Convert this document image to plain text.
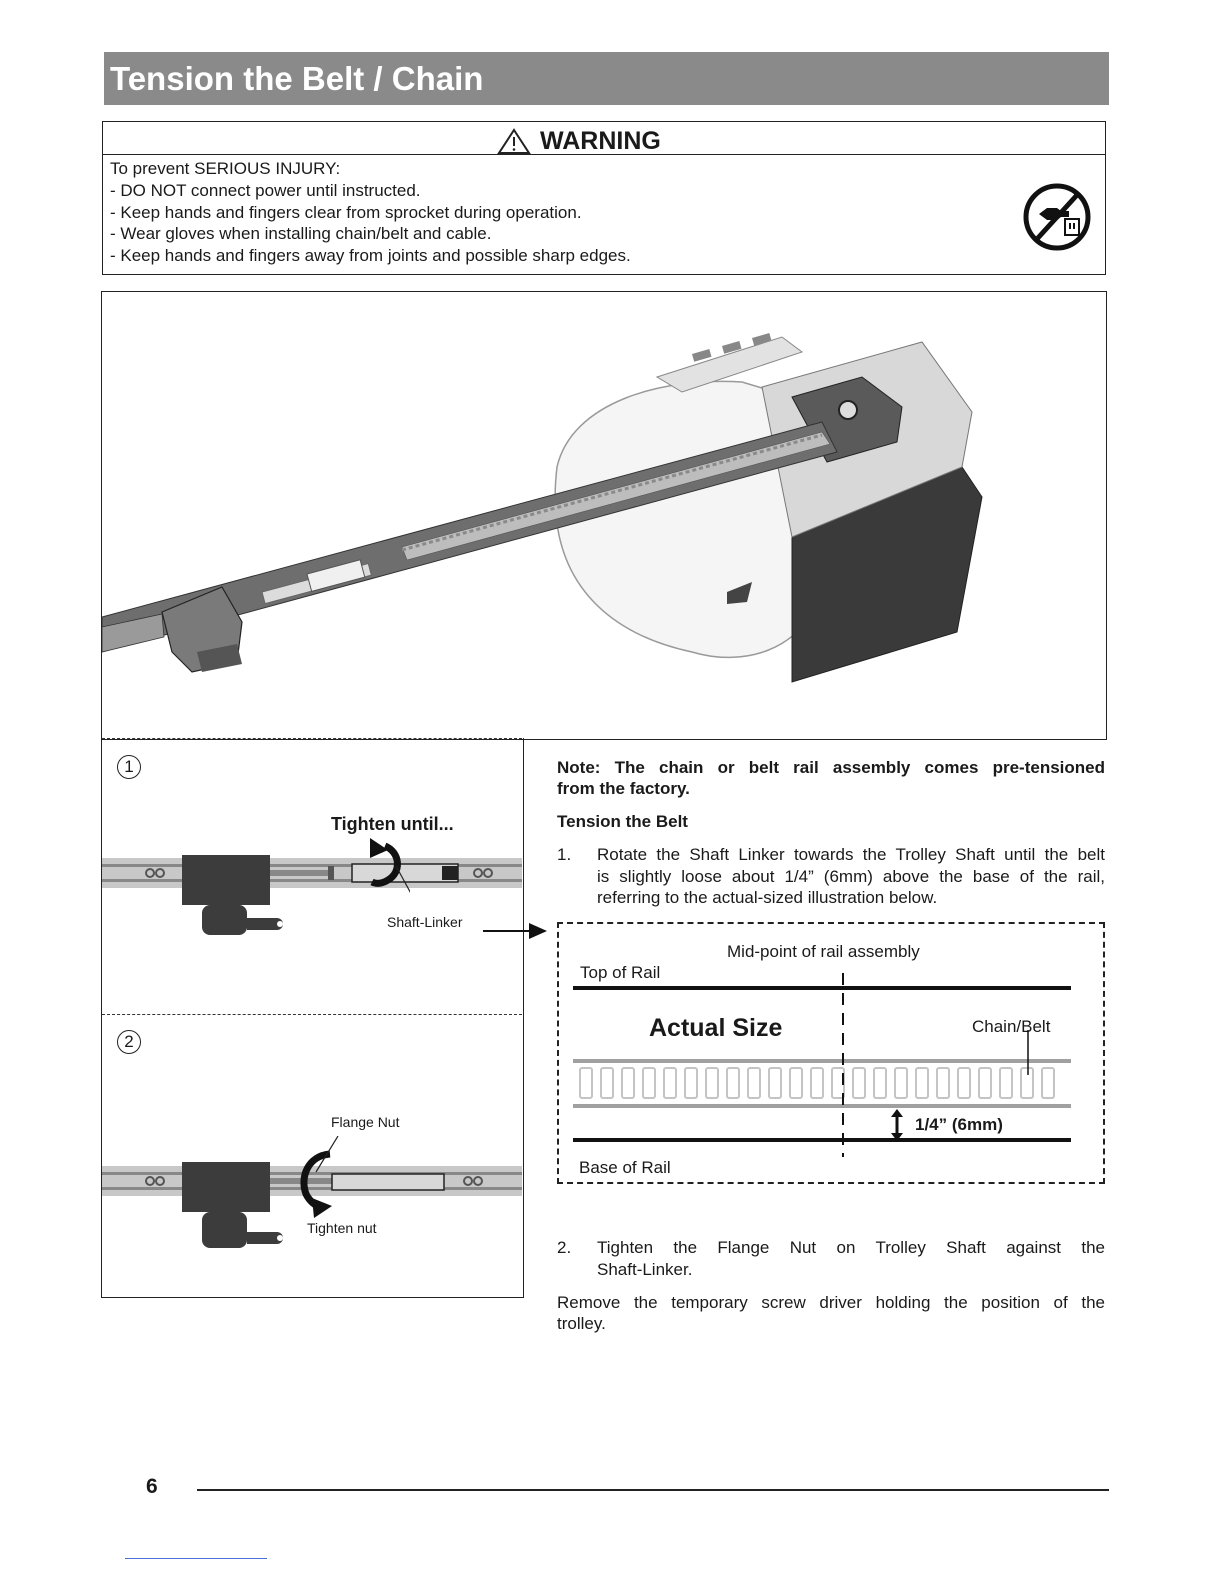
Tension the Belt / Chain
WARNING
To prevent SERIOUS INJURY:
- DO NOT connect power until instructed.
- Keep hands and fingers clear from sprocket during operation.
- Wear gloves when installing chain/belt and cable.
- Keep hands and fingers away from joints and possible sharp edges.
1
Tighten until...
Shaft-Linker
2
Flange Nut
Tighten nut
Note: The chain or belt rail assembly comes pre-tensioned
from the factory.
Tension the Belt
1. Rotate the Shaft Linker towards the Trolley Shaft until the belt
is slightly loose about 1/4” (6mm) above the base of the rail,
referring to the actual-sized illustration below.
Mid-point of rail assembly
Top of Rail
Actual Size	Chain/Belt
1/4” (6mm)
Base of Rail
2. Tighten the Flange Nut on Trolley Shaft against the
Shaft-Linker.
Remove the temporary screw driver holding the position of the
trolley.
6
